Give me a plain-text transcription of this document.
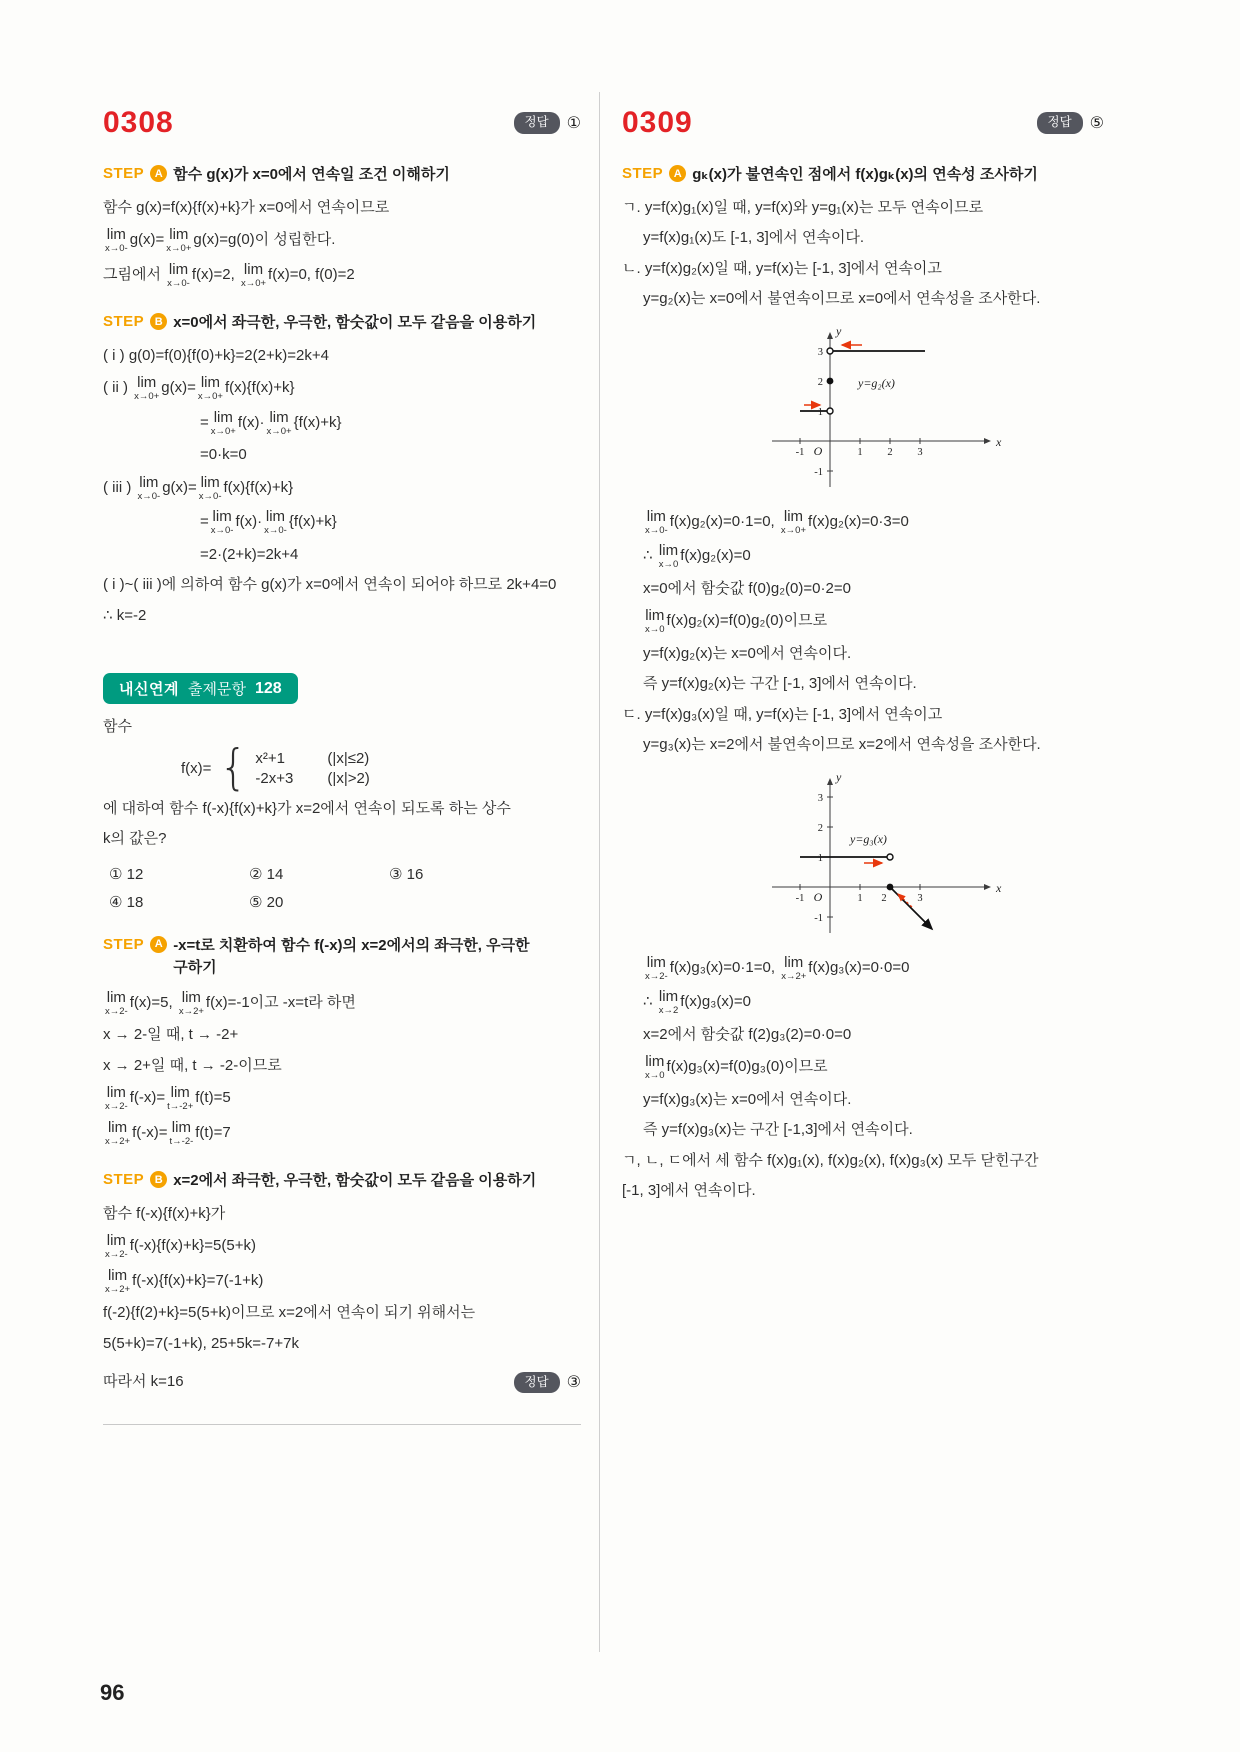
0308	정답	①
STEP A 함수 g(x)가 x=0에서 연속일 조건 이해하기
함수 g(x)=f(x){f(x)+k}가 x=0에서 연속이므로
lim
x→0-
g(x)= lim
x→0+
g(x)=g(0)이 성립한다.
그림에서 lim
x→0-
f(x)=2, lim
x→0+
f(x)=0, f(0)=2
STEP B x=0에서 좌극한, 우극한, 함숫값이 모두 같음을 이용하기
( i ) g(0)=f(0){f(0)+k}=2(2+k)=2k+4
( ii ) lim
x→0+
g(x)= lim
x→0+
f(x){f(x)+k}
= lim
x→0+
f(x)· lim
x→0+
{f(x)+k}
=0·k=0
( iii ) lim
x→0-
g(x)= lim
x→0-
f(x){f(x)+k}
= lim
x→0-
f(x)· lim
x→0-
{f(x)+k}
=2·(2+k)=2k+4
( i )~( iii )에 의하여 함수 g(x)가 x=0에서 연속이 되어야 하므로 2k+4=0
∴ k=-2
내신연계 출제문항 128
함수
f(x)= { x²+1	(|x|≤2)
-2x+3	(|x|>2)
에 대하여 함수 f(-x){f(x)+k}가 x=2에서 연속이 되도록 하는 상수
k의 값은?
① 12	② 14	③ 16
④ 18	⑤ 20
STEP A -x=t로 치환하여 함수 f(-x)의 x=2에서의 좌극한, 우극한
구하기
lim
x→2-
f(x)=5, lim
x→2+
f(x)=-1이고 -x=t라 하면
x → 2-일 때, t → -2+
x → 2+일 때, t → -2-이므로
lim
x→2-
f(-x)= lim
t→-2+
f(t)=5
lim
x→2+
f(-x)= lim
t→-2-
f(t)=7
STEP B x=2에서 좌극한, 우극한, 함숫값이 모두 같음을 이용하기
함수 f(-x){f(x)+k}가
lim
x→2-
f(-x){f(x)+k}=5(5+k)
lim
x→2+
f(-x){f(x)+k}=7(-1+k)
f(-2){f(2)+k}=5(5+k)이므로 x=2에서 연속이 되기 위해서는
5(5+k)=7(-1+k), 25+5k=-7+7k
따라서 k=16	정답	③
0309	정답	⑤
STEP A gₖ(x)가 불연속인 점에서 f(x)gₖ(x)의 연속성 조사하기
ㄱ. y=f(x)g₁(x)일 때, y=f(x)와 y=g₁(x)는 모두 연속이므로
y=f(x)g₁(x)도 [-1, 3]에서 연속이다.
ㄴ. y=f(x)g₂(x)일 때, y=f(x)는 [-1, 3]에서 연속이고
y=g₂(x)는 x=0에서 불연속이므로 x=0에서 연속성을 조사한다.
y
x
O
-1	1 2 3
3
2
1
-1
y=g₂(x)
lim
x→0-
f(x)g₂(x)=0·1=0, lim
x→0+
f(x)g₂(x)=0·3=0
∴ lim
x→0
f(x)g₂(x)=0
x=0에서 함숫값 f(0)g₂(0)=0·2=0
lim
x→0
f(x)g₂(x)=f(0)g₂(0)이므로
y=f(x)g₂(x)는 x=0에서 연속이다.
즉 y=f(x)g₂(x)는 구간 [-1, 3]에서 연속이다.
ㄷ. y=f(x)g₃(x)일 때, y=f(x)는 [-1, 3]에서 연속이고
y=g₃(x)는 x=2에서 불연속이므로 x=2에서 연속성을 조사한다.
y
x
O
-1	1 2	3
3
2
1
-1
y=g₃(x)
lim
x→2-
f(x)g₃(x)=0·1=0, lim
x→2+
f(x)g₃(x)=0·0=0
∴ lim
x→2
f(x)g₃(x)=0
x=2에서 함숫값 f(2)g₃(2)=0·0=0
lim
x→0
f(x)g₃(x)=f(0)g₃(0)이므로
y=f(x)g₃(x)는 x=0에서 연속이다.
즉 y=f(x)g₃(x)는 구간 [-1,3]에서 연속이다.
ㄱ, ㄴ, ㄷ에서 세 함수 f(x)g₁(x), f(x)g₂(x), f(x)g₃(x) 모두 닫힌구간
[-1, 3]에서 연속이다.
96
